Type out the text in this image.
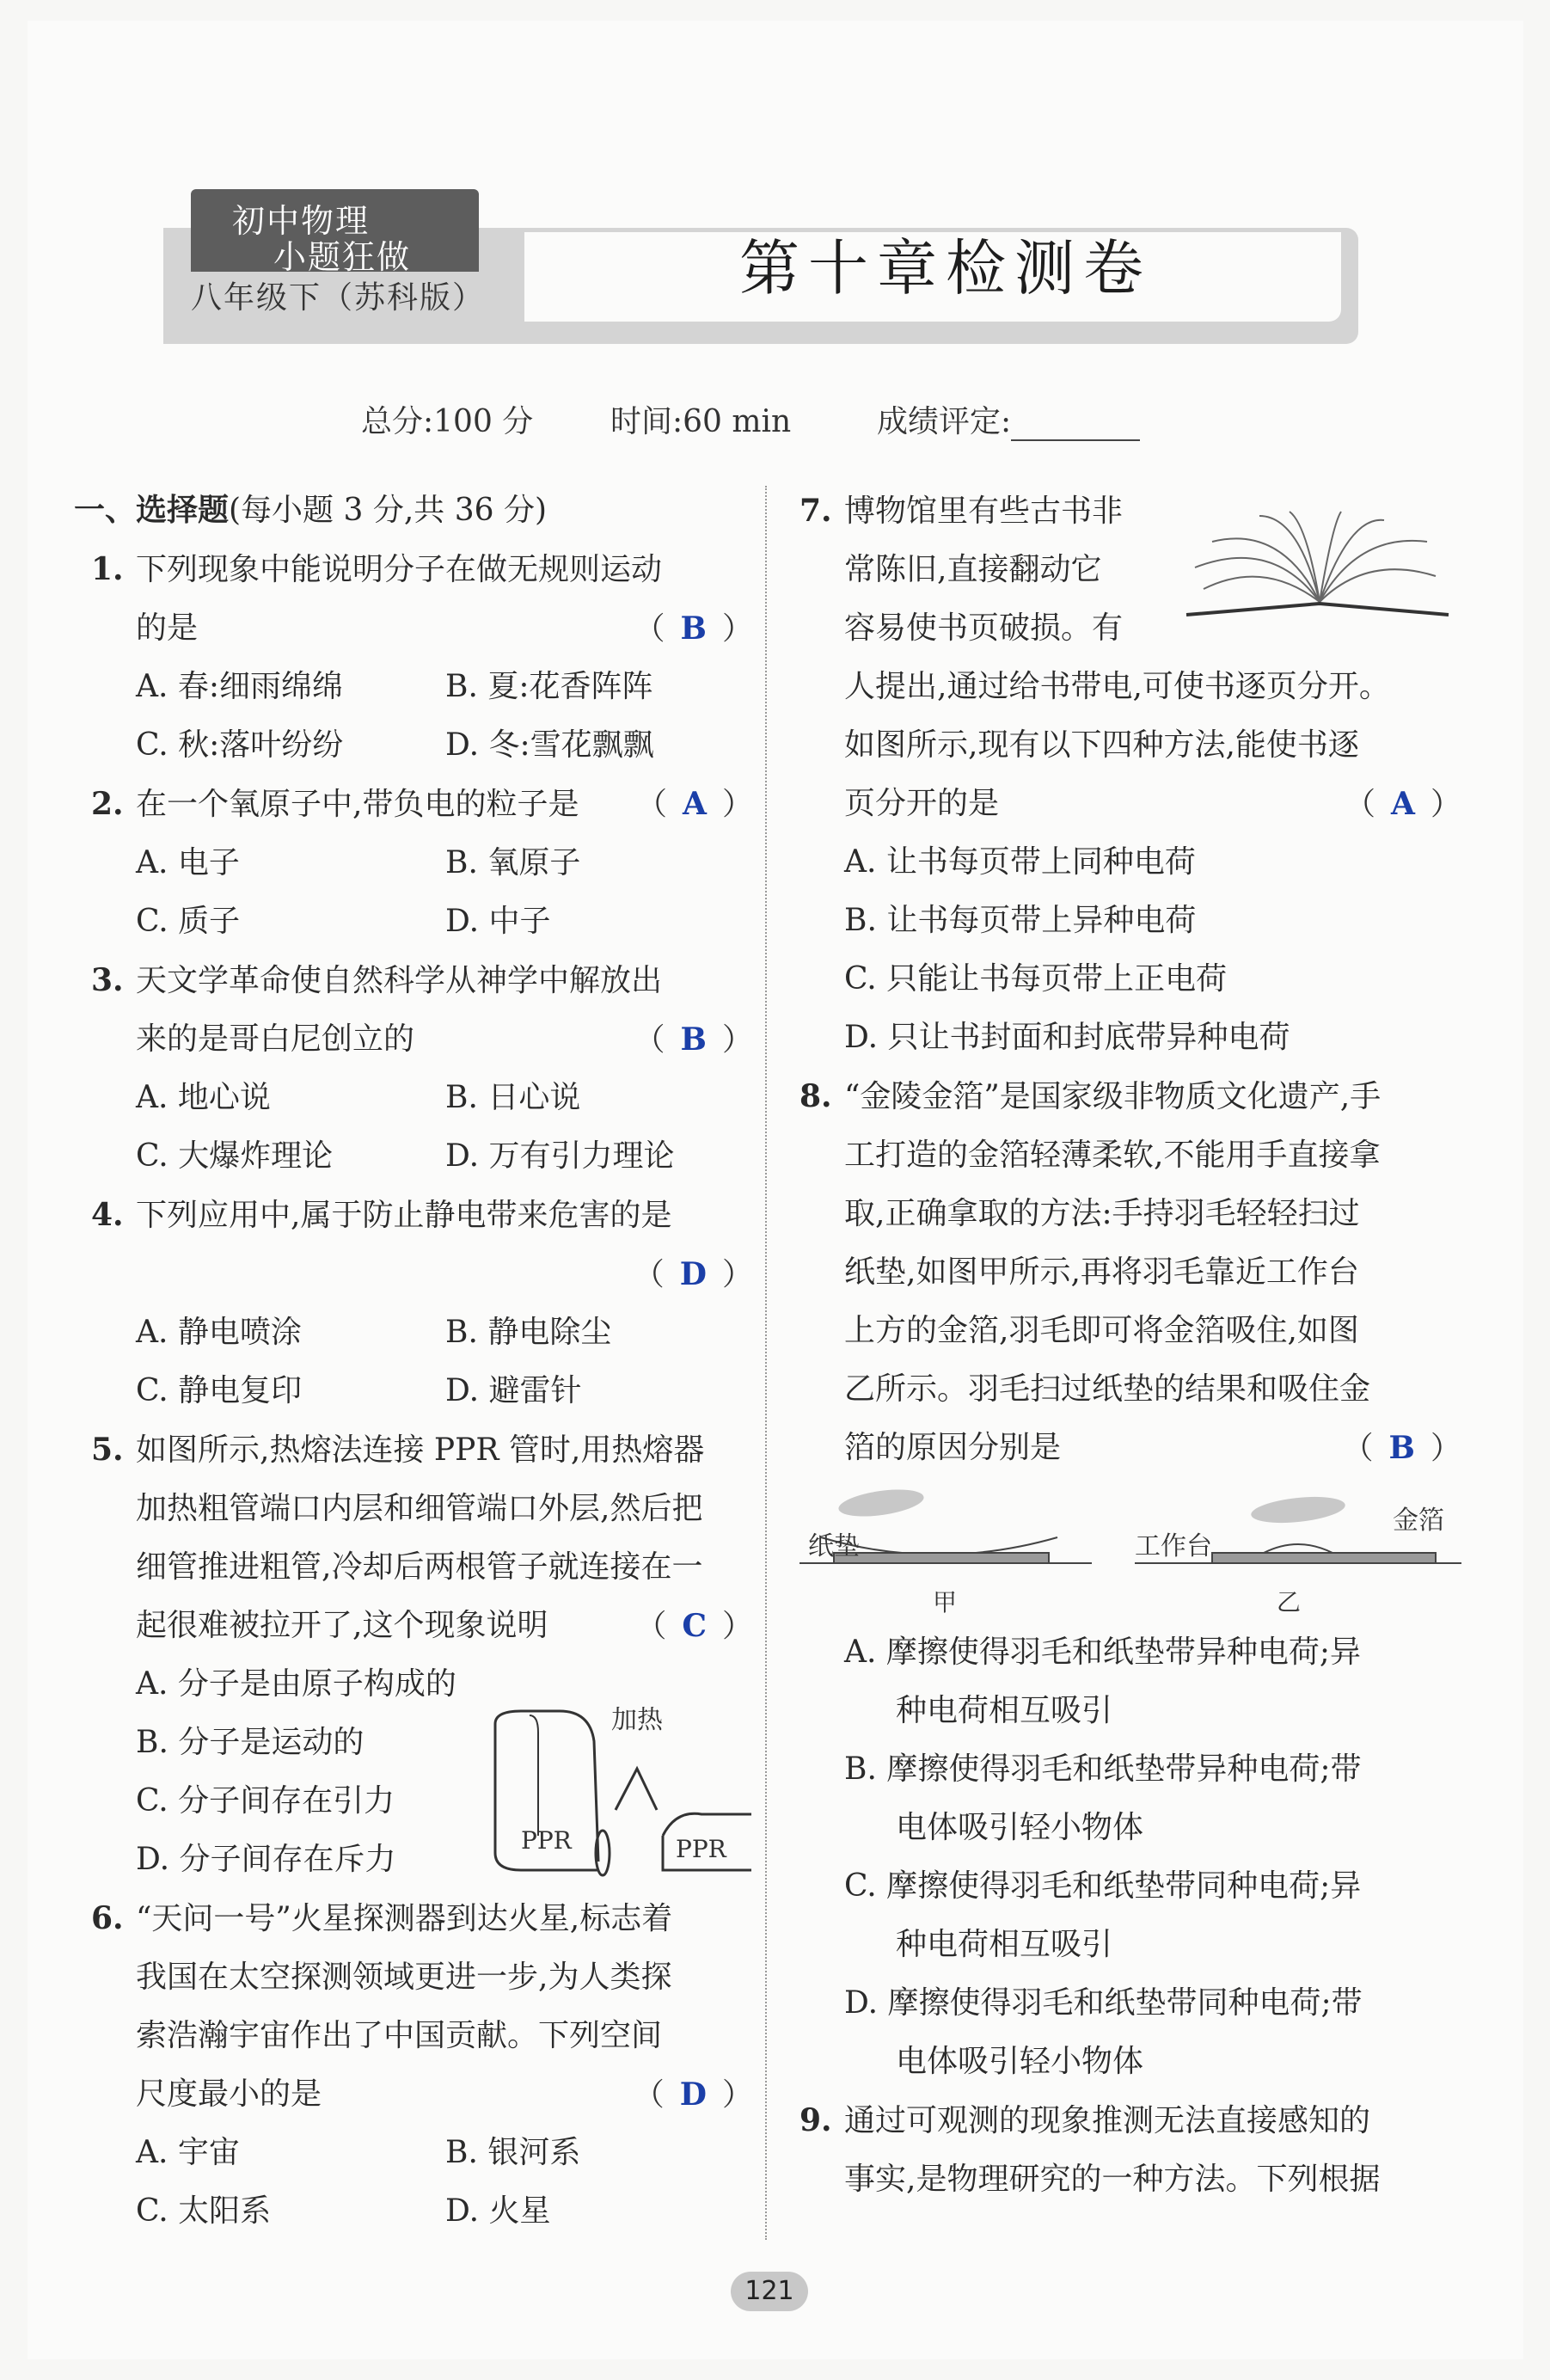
初中物理
小题狂做
八年级下（苏科版）	第十章检测卷
总分:100 分 时间:60 min	成绩评定:
一、选择题(每小题 3 分,共 36 分)
1. 下列现象中能说明分子在做无规则运动
的是	（ B ）
A. 春:细雨绵绵	B. 夏:花香阵阵
C. 秋:落叶纷纷	D. 冬:雪花飘飘
2. 在一个氧原子中,带负电的粒子是 （ A ）
A. 电子	B. 氧原子
C. 质子	D. 中子
3. 天文学革命使自然科学从神学中解放出
来的是哥白尼创立的	（ B ）
A. 地心说	B. 日心说
C. 大爆炸理论	D. 万有引力理论
4. 下列应用中,属于防止静电带来危害的是
（ D ）

A. 静电喷涂	B. 静电除尘
C. 静电复印	D. 避雷针
5. 如图所示,热熔法连接 PPR 管时,用热熔器
加热粗管端口内层和细管端口外层,然后把
细管推进粗管,冷却后两根管子就连接在一
起很难被拉开了,这个现象说明	（ C ）
A. 分子是由原子构成的
B. 分子是运动的
C. 分子间存在引力
D. 分子间存在斥力
加热
PPR	PPR
6. “天问一号”火星探测器到达火星,标志着
我国在太空探测领域更进一步,为人类探
索浩瀚宇宙作出了中国贡献。下列空间
尺度最小的是	（ D ）
A. 宇宙	B. 银河系
C. 太阳系	D. 火星
7. 博物馆里有些古书非
常陈旧,直接翻动它
容易使书页破损。有
人提出,通过给书带电,可使书逐页分开。
如图所示,现有以下四种方法,能使书逐
页分开的是	（ A ）
A. 让书每页带上同种电荷
B. 让书每页带上异种电荷
C. 只能让书每页带上正电荷
D. 只让书封面和封底带异种电荷
8. “金陵金箔”是国家级非物质文化遗产,手
工打造的金箔轻薄柔软,不能用手直接拿
取,正确拿取的方法:手持羽毛轻轻扫过
纸垫,如图甲所示,再将羽毛靠近工作台
上方的金箔,羽毛即可将金箔吸住,如图
乙所示。羽毛扫过纸垫的结果和吸住金
箔的原因分别是	（ B ）
纸垫
甲
工作台
金箔
乙
A. 摩擦使得羽毛和纸垫带异种电荷;异
种电荷相互吸引
B. 摩擦使得羽毛和纸垫带异种电荷;带
电体吸引轻小物体
C. 摩擦使得羽毛和纸垫带同种电荷;异
种电荷相互吸引
D. 摩擦使得羽毛和纸垫带同种电荷;带
电体吸引轻小物体
9. 通过可观测的现象推测无法直接感知的
事实,是物理研究的一种方法。下列根据
121
